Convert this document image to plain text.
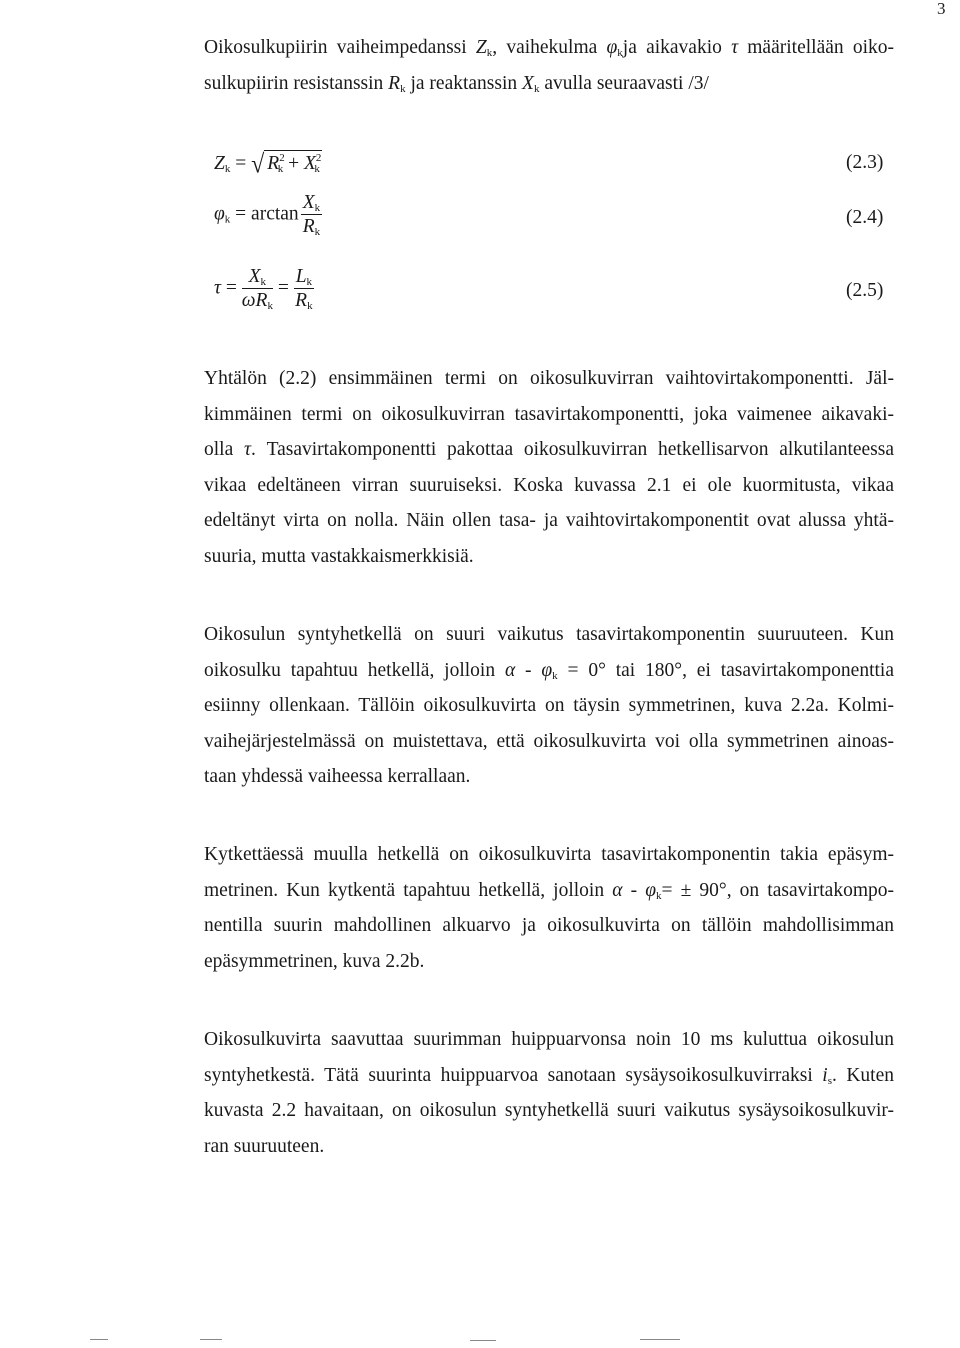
3
Oikosulkupiirin vaiheimpedanssi $Z_k$, vaihekulma $\varphi_kja$ aikavakio τ määritellään oiko-
sulkupiirin resistanssin $R_k$ ja reaktanssin $X_k$ avulla seuraavasti /3/
$Z_k$ = √ $R^2_k + X^2_k$	(2.3)
$\varphi_k = \arctan \frac{X_k}{R_k}$	(2.4)
$\tau = \frac{X_k}{\omega R_k} = \frac{L_k}{R_k}$	(2.5)
Yhtälön (2.2) ensimmäinen termi on oikosulkuvirran vaihtovirtakomponentti. Jäl-
kimmäinen termi on oikosulkuvirran tasavirtakomponentti, joka vaimenee aikavaki-
olla τ. Tasavirtakomponentti pakottaa oikosulkuvirran hetkellisarvon alkutilanteessa
vikaa edeltäneen virran suuruiseksi. Koska kuvassa 2.1 ei ole kuormitusta, vikaa
edeltänyt virta on nolla. Näin ollen tasa- ja vaihtovirtakomponentit ovat alussa yhtä-
suuria, mutta vastakkaismerkkisiä.
Oikosulun syntyhetkellä on suuri vaikutus tasavirtakomponentin suuruuteen. Kun
oikosulku tapahtuu hetkellä, jolloin $\alpha - \varphi_k = 0^\circ$ tai 180°, ei tasavirtakomponenttia
esiinny ollenkaan. Tällöin oikosulkuvirta on täysin symmetrinen, kuva 2.2a. Kolmi-
vaihejärjestelmässä on muistettava, että oikosulkuvirta voi olla symmetrinen ainoas-
taan yhdessä vaiheessa kerrallaan.
Kytkettäessä muulla hetkellä on oikosulkuvirta tasavirtakomponentin takia epäsym-
metrinen. Kun kytkentä tapahtuu hetkellä, jolloin $\alpha - \varphi_k= \pm 90^\circ$, on tasavirtakompo-
nentilla suurin mahdollinen alkuarvo ja oikosulkuvirta on tällöin mahdollisimman
epäsymmetrinen, kuva 2.2b.
Oikosulkuvirta saavuttaa suurimman huippuarvonsa noin 10 ms kuluttua oikosulun
syntyhetkestä. Tätä suurinta huippuarvoa sanotaan sysäysoikosulkuvirraksi $i_s$. Kuten
kuvasta 2.2 havaitaan, on oikosulun syntyhetkellä suuri vaikutus sysäysoikosulkuvir-
ran suuruuteen.
